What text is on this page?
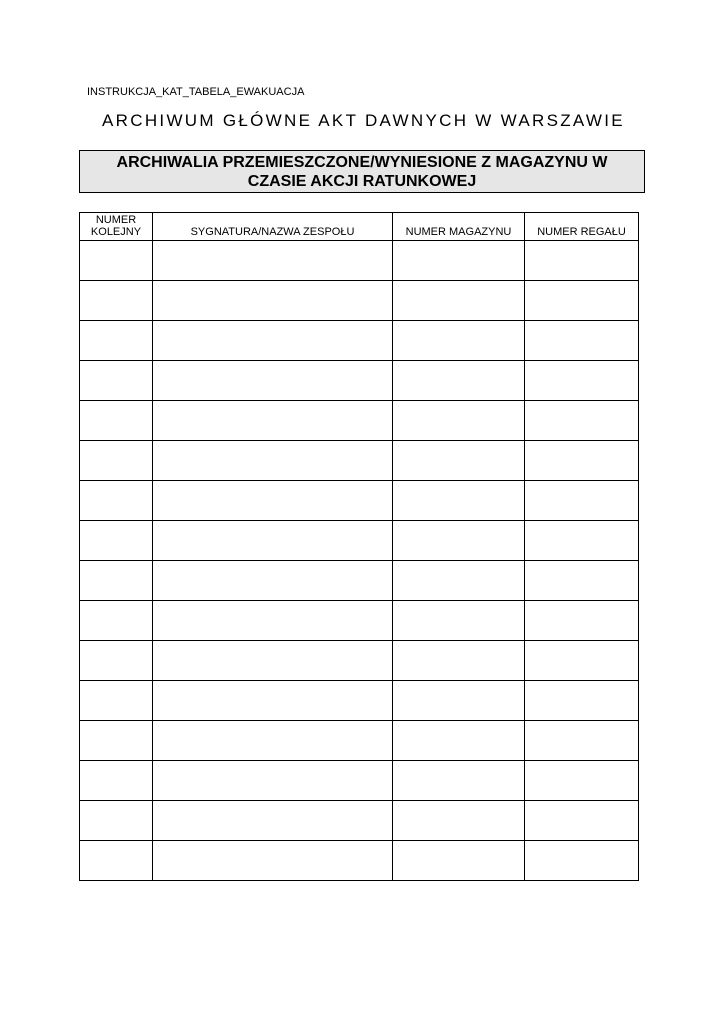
INSTRUKCJA_KAT_TABELA_EWAKUACJA
ARCHIWUM GŁÓWNE AKT DAWNYCH W WARSZAWIE
ARCHIWALIA PRZEMIESZCZONE/WYNIESIONE Z MAGAZYNU W CZASIE AKCJI RATUNKOWEJ
NUMER KOLEJNY	SYGNATURA/NAZWA ZESPOŁU	NUMER MAGAZYNU	NUMER REGAŁU
